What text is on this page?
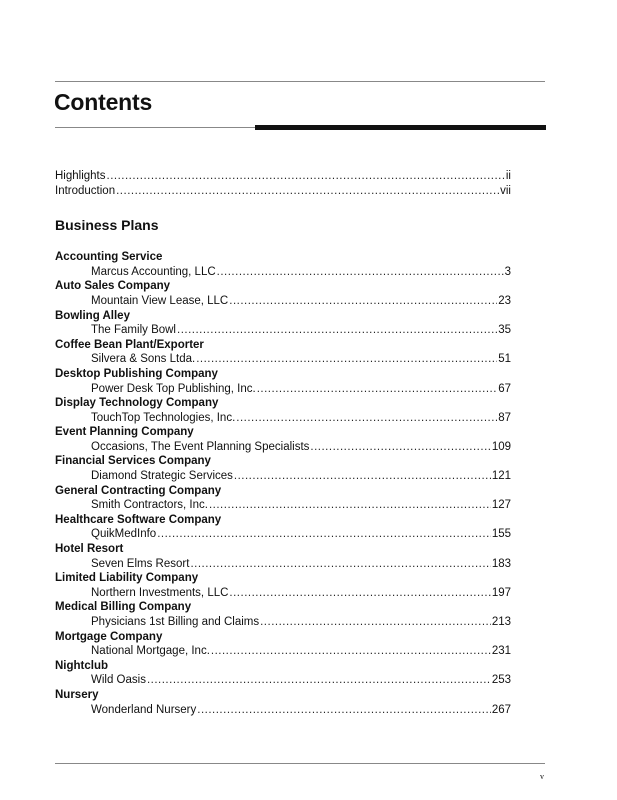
Contents
Highlights .....	ii
Introduction .....	vii
Business Plans
Accounting Service
Marcus Accounting, LLC .....	3
Auto Sales Company
Mountain View Lease, LLC .....	23
Bowling Alley
The Family Bowl .....	35
Coffee Bean Plant/Exporter
Silvera & Sons Ltda. .....	51
Desktop Publishing Company
Power Desk Top Publishing, Inc. .....	67
Display Technology Company
TouchTop Technologies, Inc. .....	87
Event Planning Company
Occasions, The Event Planning Specialists .....	109
Financial Services Company
Diamond Strategic Services .....	121
General Contracting Company
Smith Contractors, Inc. .....	127
Healthcare Software Company
QuikMedInfo .....	155
Hotel Resort
Seven Elms Resort .....	183
Limited Liability Company
Northern Investments, LLC .....	197
Medical Billing Company
Physicians 1st Billing and Claims .....	213
Mortgage Company
National Mortgage, Inc. .....	231
Nightclub
Wild Oasis .....	253
Nursery
Wonderland Nursery .....	267
v
